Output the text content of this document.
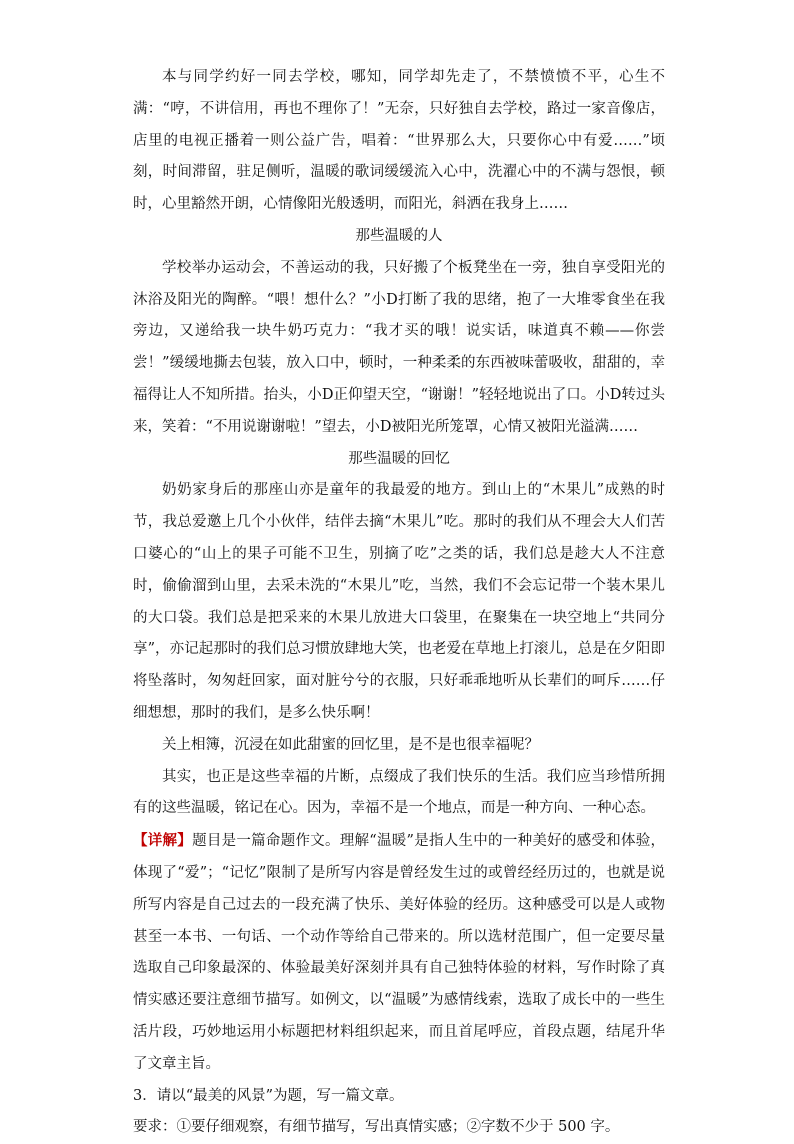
本与同学约好一同去学校，哪知，同学却先走了，不禁愤愤不平，心生不满：“哼，不讲信用，再也不理你了！”无奈，只好独自去学校，路过一家音像店，店里的电视正播着一则公益广告，唱着：“世界那么大，只要你心中有爱……”顷刻，时间滞留，驻足侧听，温暖的歌词缓缓流入心中，洗濯心中的不满与怨恨，顿时，心里豁然开朗，心情像阳光般透明，而阳光，斜洒在我身上……

那些温暖的人

学校举办运动会，不善运动的我，只好搬了个板凳坐在一旁，独自享受阳光的沐浴及阳光的陶醉。“喂！想什么？”小D打断了我的思绪，抱了一大堆零食坐在我旁边，又递给我一块牛奶巧克力：“我才买的哦！说实话，味道真不赖——你尝尝！”缓缓地撕去包装，放入口中，顿时，一种柔柔的东西被味蕾吸收，甜甜的，幸福得让人不知所措。抬头，小D正仰望天空，“谢谢！”轻轻地说出了口。小D转过头来，笑着：“不用说谢谢啦！”望去，小D被阳光所笼罩，心情又被阳光溢满……

那些温暖的回忆

奶奶家身后的那座山亦是童年的我最爱的地方。到山上的“木果儿”成熟的时节，我总爱邀上几个小伙伴，结伴去摘“木果儿”吃。那时的我们从不理会大人们苦口婆心的“山上的果子可能不卫生，别摘了吃”之类的话，我们总是趁大人不注意时，偷偷溜到山里，去采未洗的“木果儿”吃，当然，我们不会忘记带一个装木果儿的大口袋。我们总是把采来的木果儿放进大口袋里，在聚集在一块空地上“共同分享”，亦记起那时的我们总习惯放肆地大笑，也老爱在草地上打滚儿，总是在夕阳即将坠落时，匆匆赶回家，面对脏兮兮的衣服，只好乖乖地听从长辈们的呵斥……仔细想想，那时的我们，是多么快乐啊！

关上相簿，沉浸在如此甜蜜的回忆里，是不是也很幸福呢？

其实，也正是这些幸福的片断，点缀成了我们快乐的生活。我们应当珍惜所拥有的这些温暖，铭记在心。因为，幸福不是一个地点，而是一种方向、一种心态。

【详解】题目是一篇命题作文。理解“温暖”是指人生中的一种美好的感受和体验，体现了“爱”；“记忆”限制了是所写内容是曾经发生过的或曾经经历过的，也就是说所写内容是自己过去的一段充满了快乐、美好体验的经历。这种感受可以是人或物甚至一本书、一句话、一个动作等给自己带来的。所以选材范围广，但一定要尽量选取自己印象最深的、体验最美好深刻并具有自己独特体验的材料，写作时除了真情实感还要注意细节描写。如例文，以“温暖”为感情线索，选取了成长中的一些生活片段，巧妙地运用小标题把材料组织起来，而且首尾呼应，首段点题，结尾升华了文章主旨。

3．请以“最美的风景”为题，写一篇文章。

要求：①要仔细观察，有细节描写，写出真情实感；②字数不少于 500 字。
